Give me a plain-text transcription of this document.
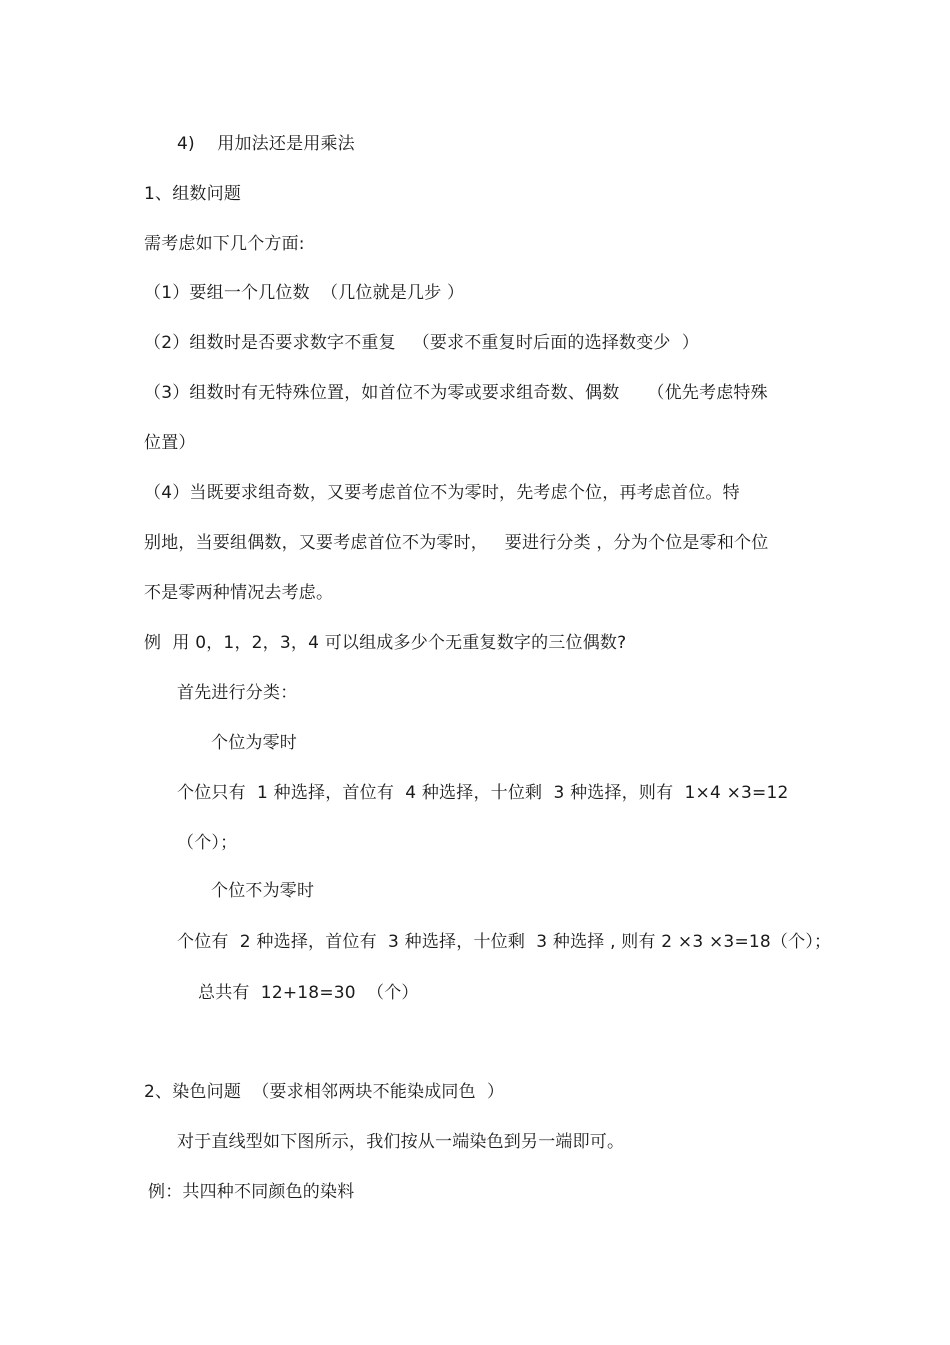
4)    用加法还是用乘法
1、组数问题
需考虑如下几个方面:
（1）要组一个几位数  （几位就是几步 ）
（2）组数时是否要求数字不重复   （要求不重复时后面的选择数变少  ）
（3）组数时有无特殊位置，如首位不为零或要求组奇数、偶数     （优先考虑特殊
位置）
（4）当既要求组奇数，又要考虑首位不为零时，先考虑个位，再考虑首位。特
别地，当要组偶数，又要考虑首位不为零时，   要进行分类 ，分为个位是零和个位
不是零两种情况去考虑。
例  用 0，1，2，3，4 可以组成多少个无重复数字的三位偶数?
首先进行分类：
个位为零时
个位只有  1 种选择，首位有  4 种选择，十位剩  3 种选择，则有  1×4 ×3=12
（个）；
个位不为零时
个位有  2 种选择，首位有  3 种选择，十位剩  3 种选择 , 则有 2 ×3 ×3=18（个）；
总共有  12+18=30  （个）
2、染色问题  （要求相邻两块不能染成同色  ）
对于直线型如下图所示，我们按从一端染色到另一端即可。
例：共四种不同颜色的染料
